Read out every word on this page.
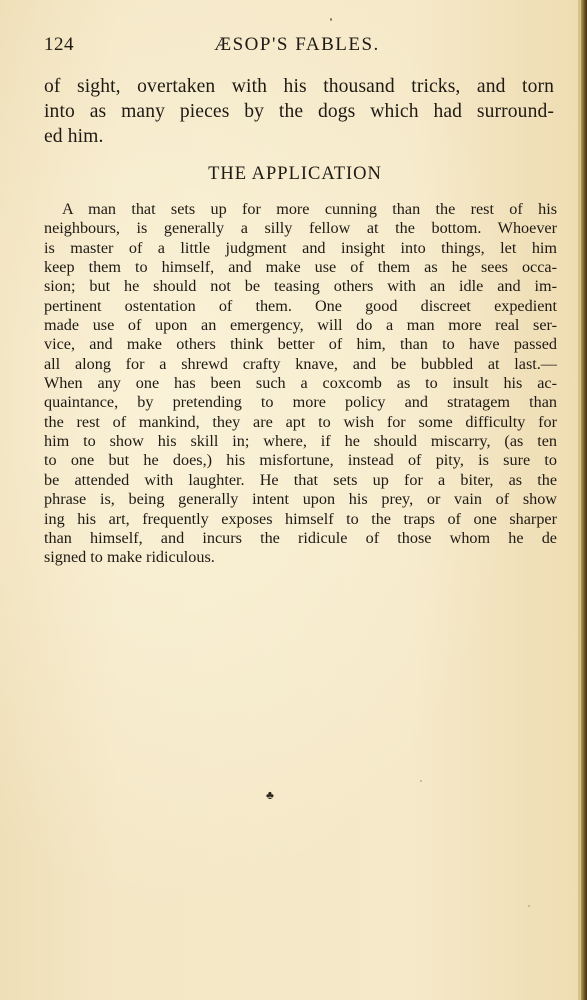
124	ÆSOP'S FABLES.
of sight, overtaken with his thousand tricks, and torn
into as many pieces by the dogs which had surround-
ed him.
THE APPLICATION
A man that sets up for more cunning than the rest of his
neighbours, is generally a silly fellow at the bottom. Whoever
is master of a little judgment and insight into things, let him
keep them to himself, and make use of them as he sees occa-
sion; but he should not be teasing others with an idle and im-
pertinent ostentation of them. One good discreet expedient
made use of upon an emergency, will do a man more real ser-
vice, and make others think better of him, than to have passed
all along for a shrewd crafty knave, and be bubbled at last.—
When any one has been such a coxcomb as to insult his ac-
quaintance, by pretending to more policy and stratagem than
the rest of mankind, they are apt to wish for some difficulty for
him to show his skill in; where, if he should miscarry, (as ten
to one but he does,) his misfortune, instead of pity, is sure to
be attended with laughter. He that sets up for a biter, as the
phrase is, being generally intent upon his prey, or vain of show
ing his art, frequently exposes himself to the traps of one sharper
than himself, and incurs the ridicule of those whom he de
signed to make ridiculous.
♣
